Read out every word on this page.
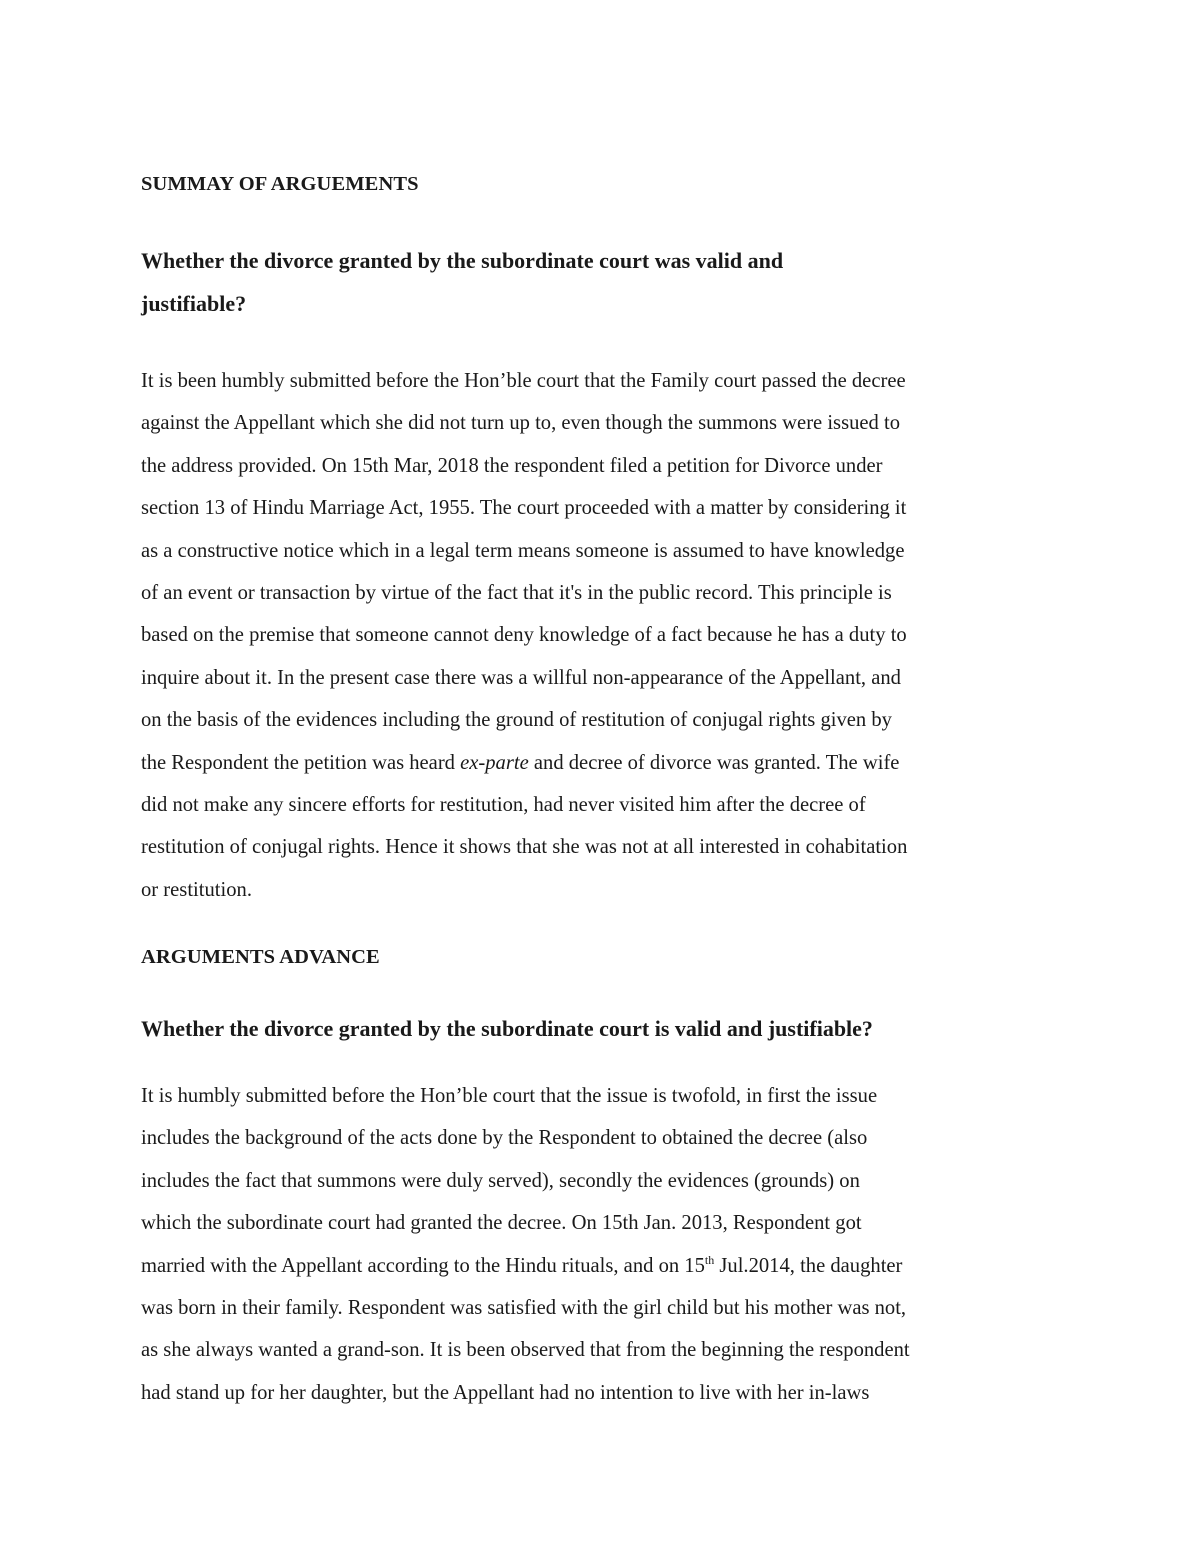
SUMMAY OF ARGUEMENTS
Whether the divorce granted by the subordinate court was valid and
justifiable?

It is been humbly submitted before the Hon’ble court that the Family court passed the decree
against the Appellant which she did not turn up to, even though the summons were issued to
the address provided. On 15th Mar, 2018 the respondent filed a petition for Divorce under
section 13 of Hindu Marriage Act, 1955. The court proceeded with a matter by considering it
as a constructive notice which in a legal term means someone is assumed to have knowledge
of an event or transaction by virtue of the fact that it's in the public record. This principle is
based on the premise that someone cannot deny knowledge of a fact because he has a duty to
inquire about it. In the present case there was a willful non-appearance of the Appellant, and
on the basis of the evidences including the ground of restitution of conjugal rights given by
the Respondent the petition was heard ex-parte and decree of divorce was granted. The wife
did not make any sincere efforts for restitution, had never visited him after the decree of
restitution of conjugal rights. Hence it shows that she was not at all interested in cohabitation
or restitution.

ARGUMENTS ADVANCE
Whether the divorce granted by the subordinate court is valid and justifiable?

It is humbly submitted before the Hon’ble court that the issue is twofold, in first the issue
includes the background of the acts done by the Respondent to obtained the decree (also
includes the fact that summons were duly served), secondly the evidences (grounds) on
which the subordinate court had granted the decree. On 15th Jan. 2013, Respondent got
married with the Appellant according to the Hindu rituals, and on 15th Jul.2014, the daughter
was born in their family. Respondent was satisfied with the girl child but his mother was not,
as she always wanted a grand-son. It is been observed that from the beginning the respondent
had stand up for her daughter, but the Appellant had no intention to live with her in-laws
